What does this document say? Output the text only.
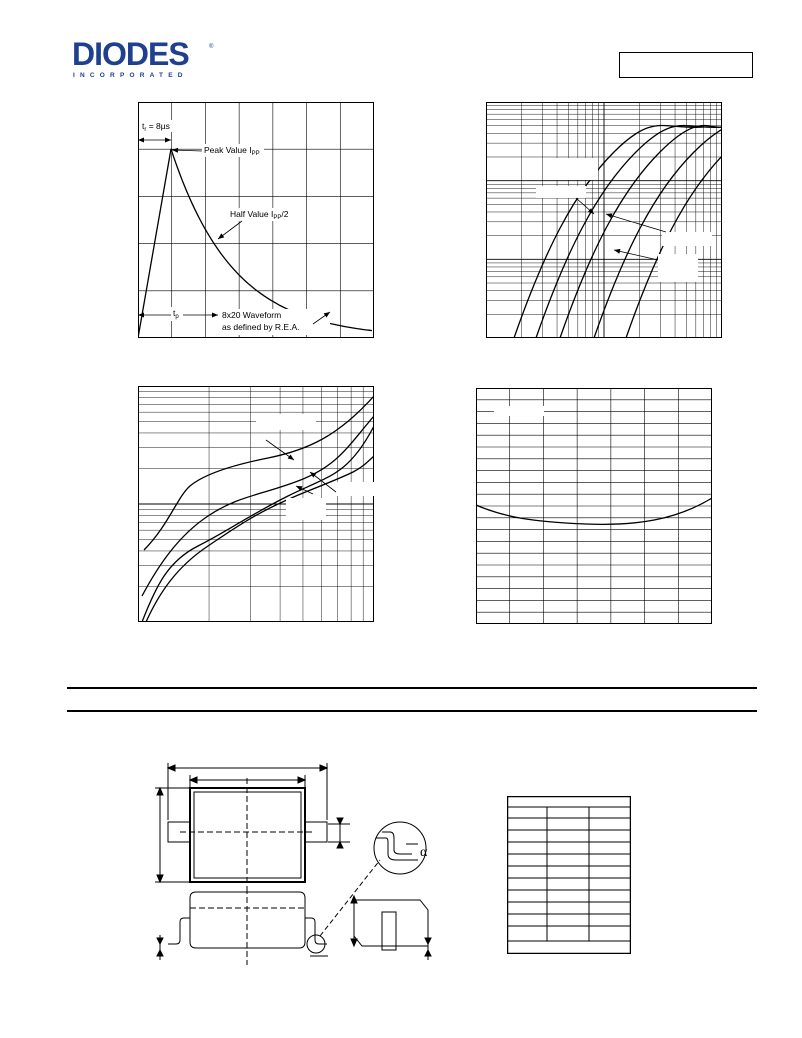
DIODES
INCORPORATED
®
$t_r = 8\mu s$
Peak Value $I_{PP}$
Half Value $I_{PP}/2$
$t_p$	8x20 Waveform
as defined by R.E.A.
α
